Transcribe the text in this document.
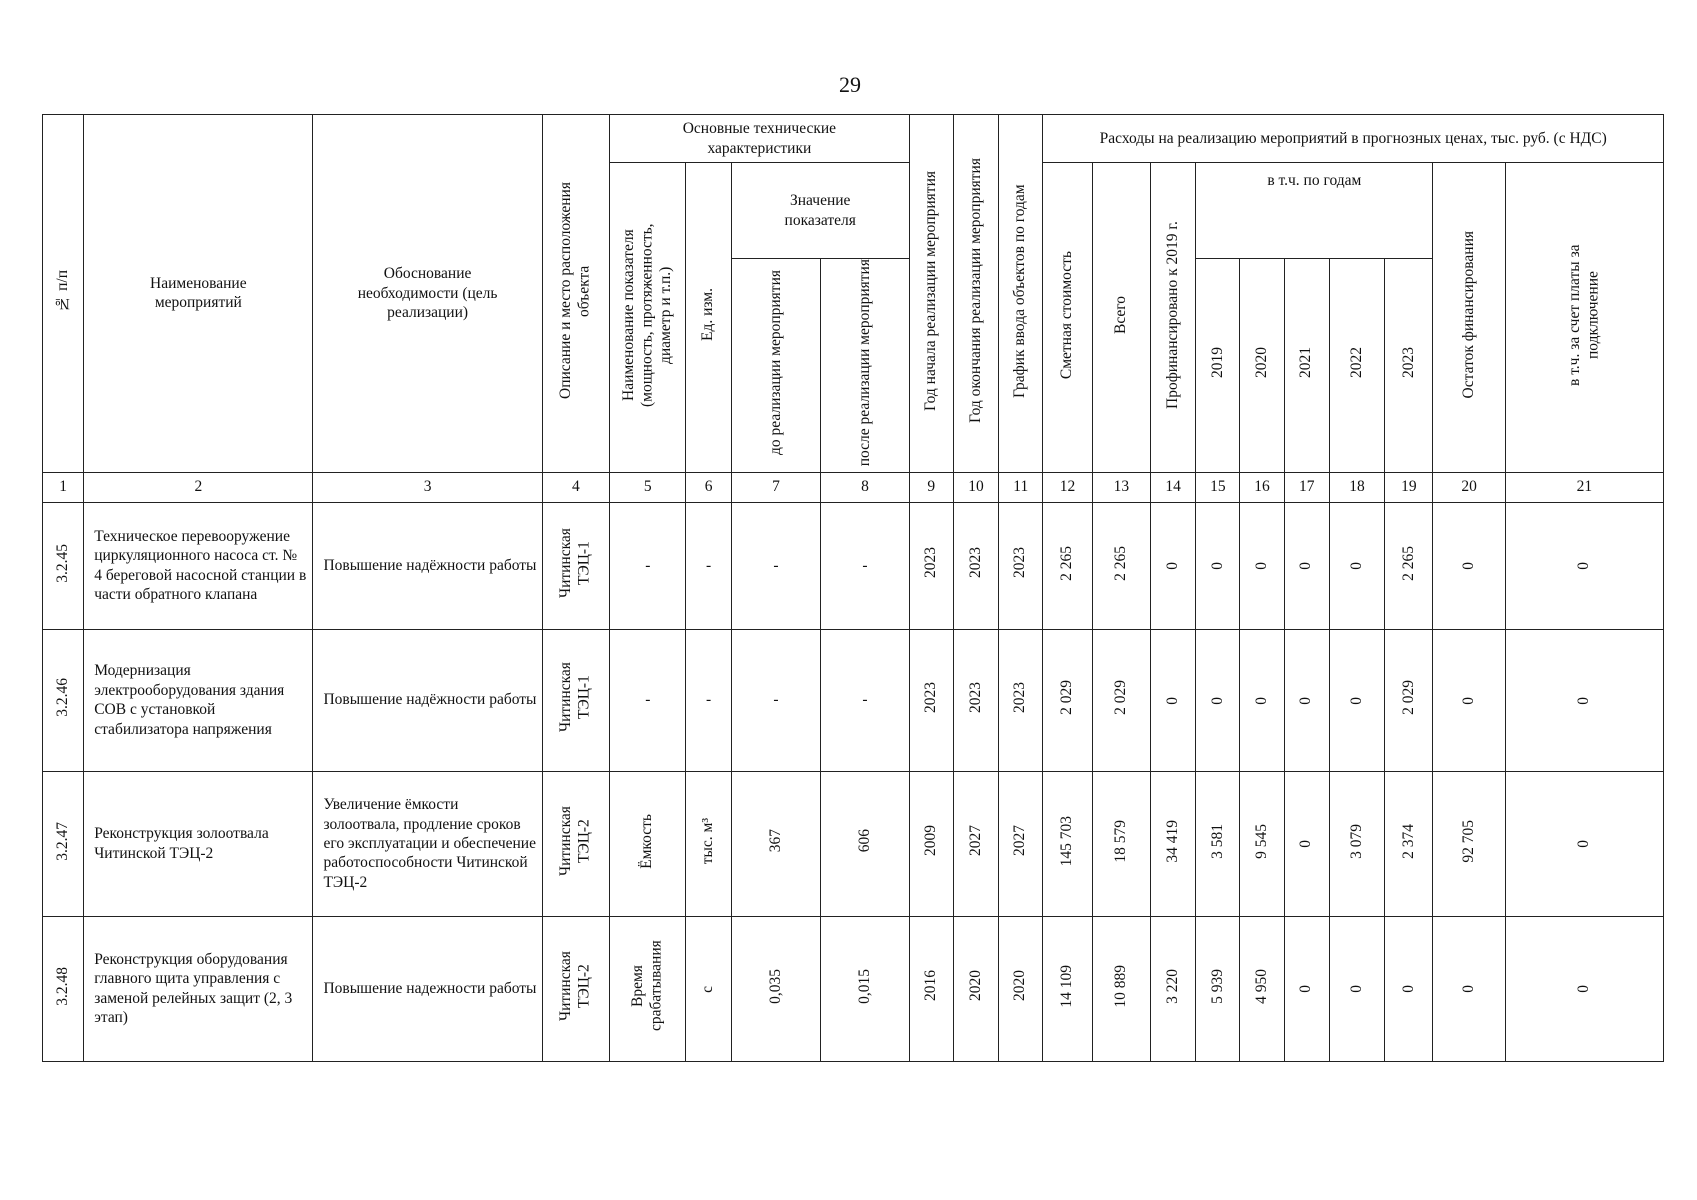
29
№ п/п	Наименование мероприятий	Обоснование необходимости (цель реализации)	Описание и место расположения объекта	Основные технические характеристики				Год начала реализации мероприятия	Год окончания реализации мероприятия	График ввода объектов по годам	Расходы на реализацию мероприятий в прогнозных ценах, тыс. руб. (с НДС)									

				Наименование показателя (мощность, протяженность, диаметр и т.п.)	Ед. изм.	Значение показателя					Сметная стоимость	Всего	Профинансировано к 2019 г.	в т.ч. по годам					Остаток финансирования	в т.ч. за счет платы за подключение
						до реализации мероприятия	после реализации мероприятия							2019	2020	2021	2022	2023		

1	2	3	4	5	6	7	8	9	10	11	12	13	14	15	16	17	18	19	20	21
3.2.45	Техническое перевооружение циркуляционного насоса ст. № 4 береговой насосной станции в части обратного клапана	Повышение надёжности работы	Читинская ТЭЦ-1	-	-	-	-	2023	2023	2023	2 265	2 265	0	0	0	0	0	2 265	0	0
3.2.46	Модернизация электрооборудования здания СОВ с установкой стабилизатора напряжения	Повышение надёжности работы	Читинская ТЭЦ-1	-	-	-	-	2023	2023	2023	2 029	2 029	0	0	0	0	0	2 029	0	0
3.2.47	Реконструкция золоотвала Читинской ТЭЦ-2	Увеличение ёмкости золоотвала, продление сроков его эксплуатации и обеспечение работоспособности Читинской ТЭЦ-2	Читинская ТЭЦ-2	Ёмкость	тыс. м³	367	606	2009	2027	2027	145 703	18 579	34 419	3 581	9 545	0	3 079	2 374	92 705	0
3.2.48	Реконструкция оборудования главного щита управления с заменой релейных защит (2, 3 этап)	Повышение надежности работы	Читинская ТЭЦ-2	Время срабатывания	с	0,035	0,015	2016	2020	2020	14 109	10 889	3 220	5 939	4 950	0	0	0	0	0
